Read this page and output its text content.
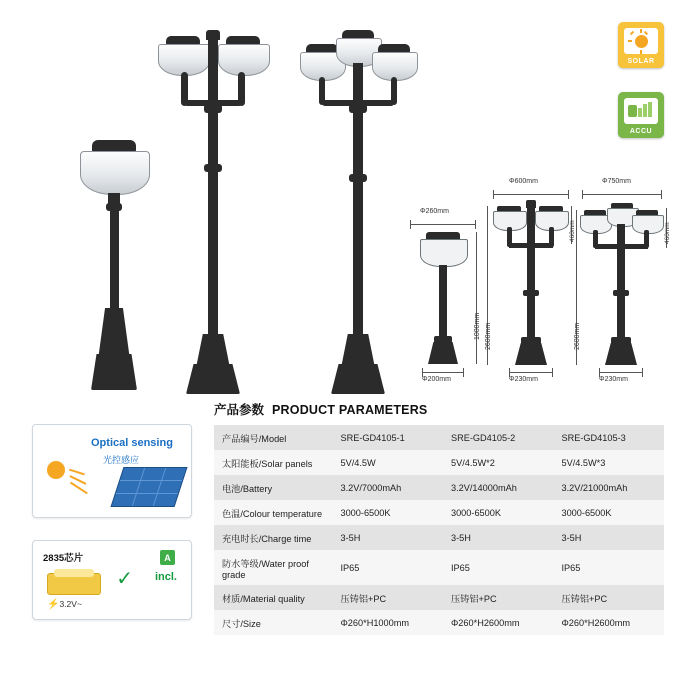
SOLAR
ACCU
Φ260mm
1000mm
Φ200mm
Φ600mm
460mm
2600mm
Φ230mm
Φ750mm
460mm
2600mm
Φ230mm
产品参数 PRODUCT PARAMETERS
产品编号/Model	SRE-GD4105-1	SRE-GD4105-2	SRE-GD4105-3
太阳能板/Solar panels	5V/4.5W	5V/4.5W*2	5V/4.5W*3
电池/Battery	3.2V/7000mAh	3.2V/14000mAh	3.2V/21000mAh
色温/Colour temperature	3000-6500K	3000-6500K	3000-6500K
充电时长/Charge time	3-5H	3-5H	3-5H
防水等级/Water proof grade	IP65	IP65	IP65
材质/Material quality	压铸铝+PC	压铸铝+PC	压铸铝+PC
尺寸/Size	Φ260*H1000mm	Φ260*H2600mm	Φ260*H2600mm
Optical sensing
光控感应
2835芯片	A
✓ incl.
⚡3.2V~
